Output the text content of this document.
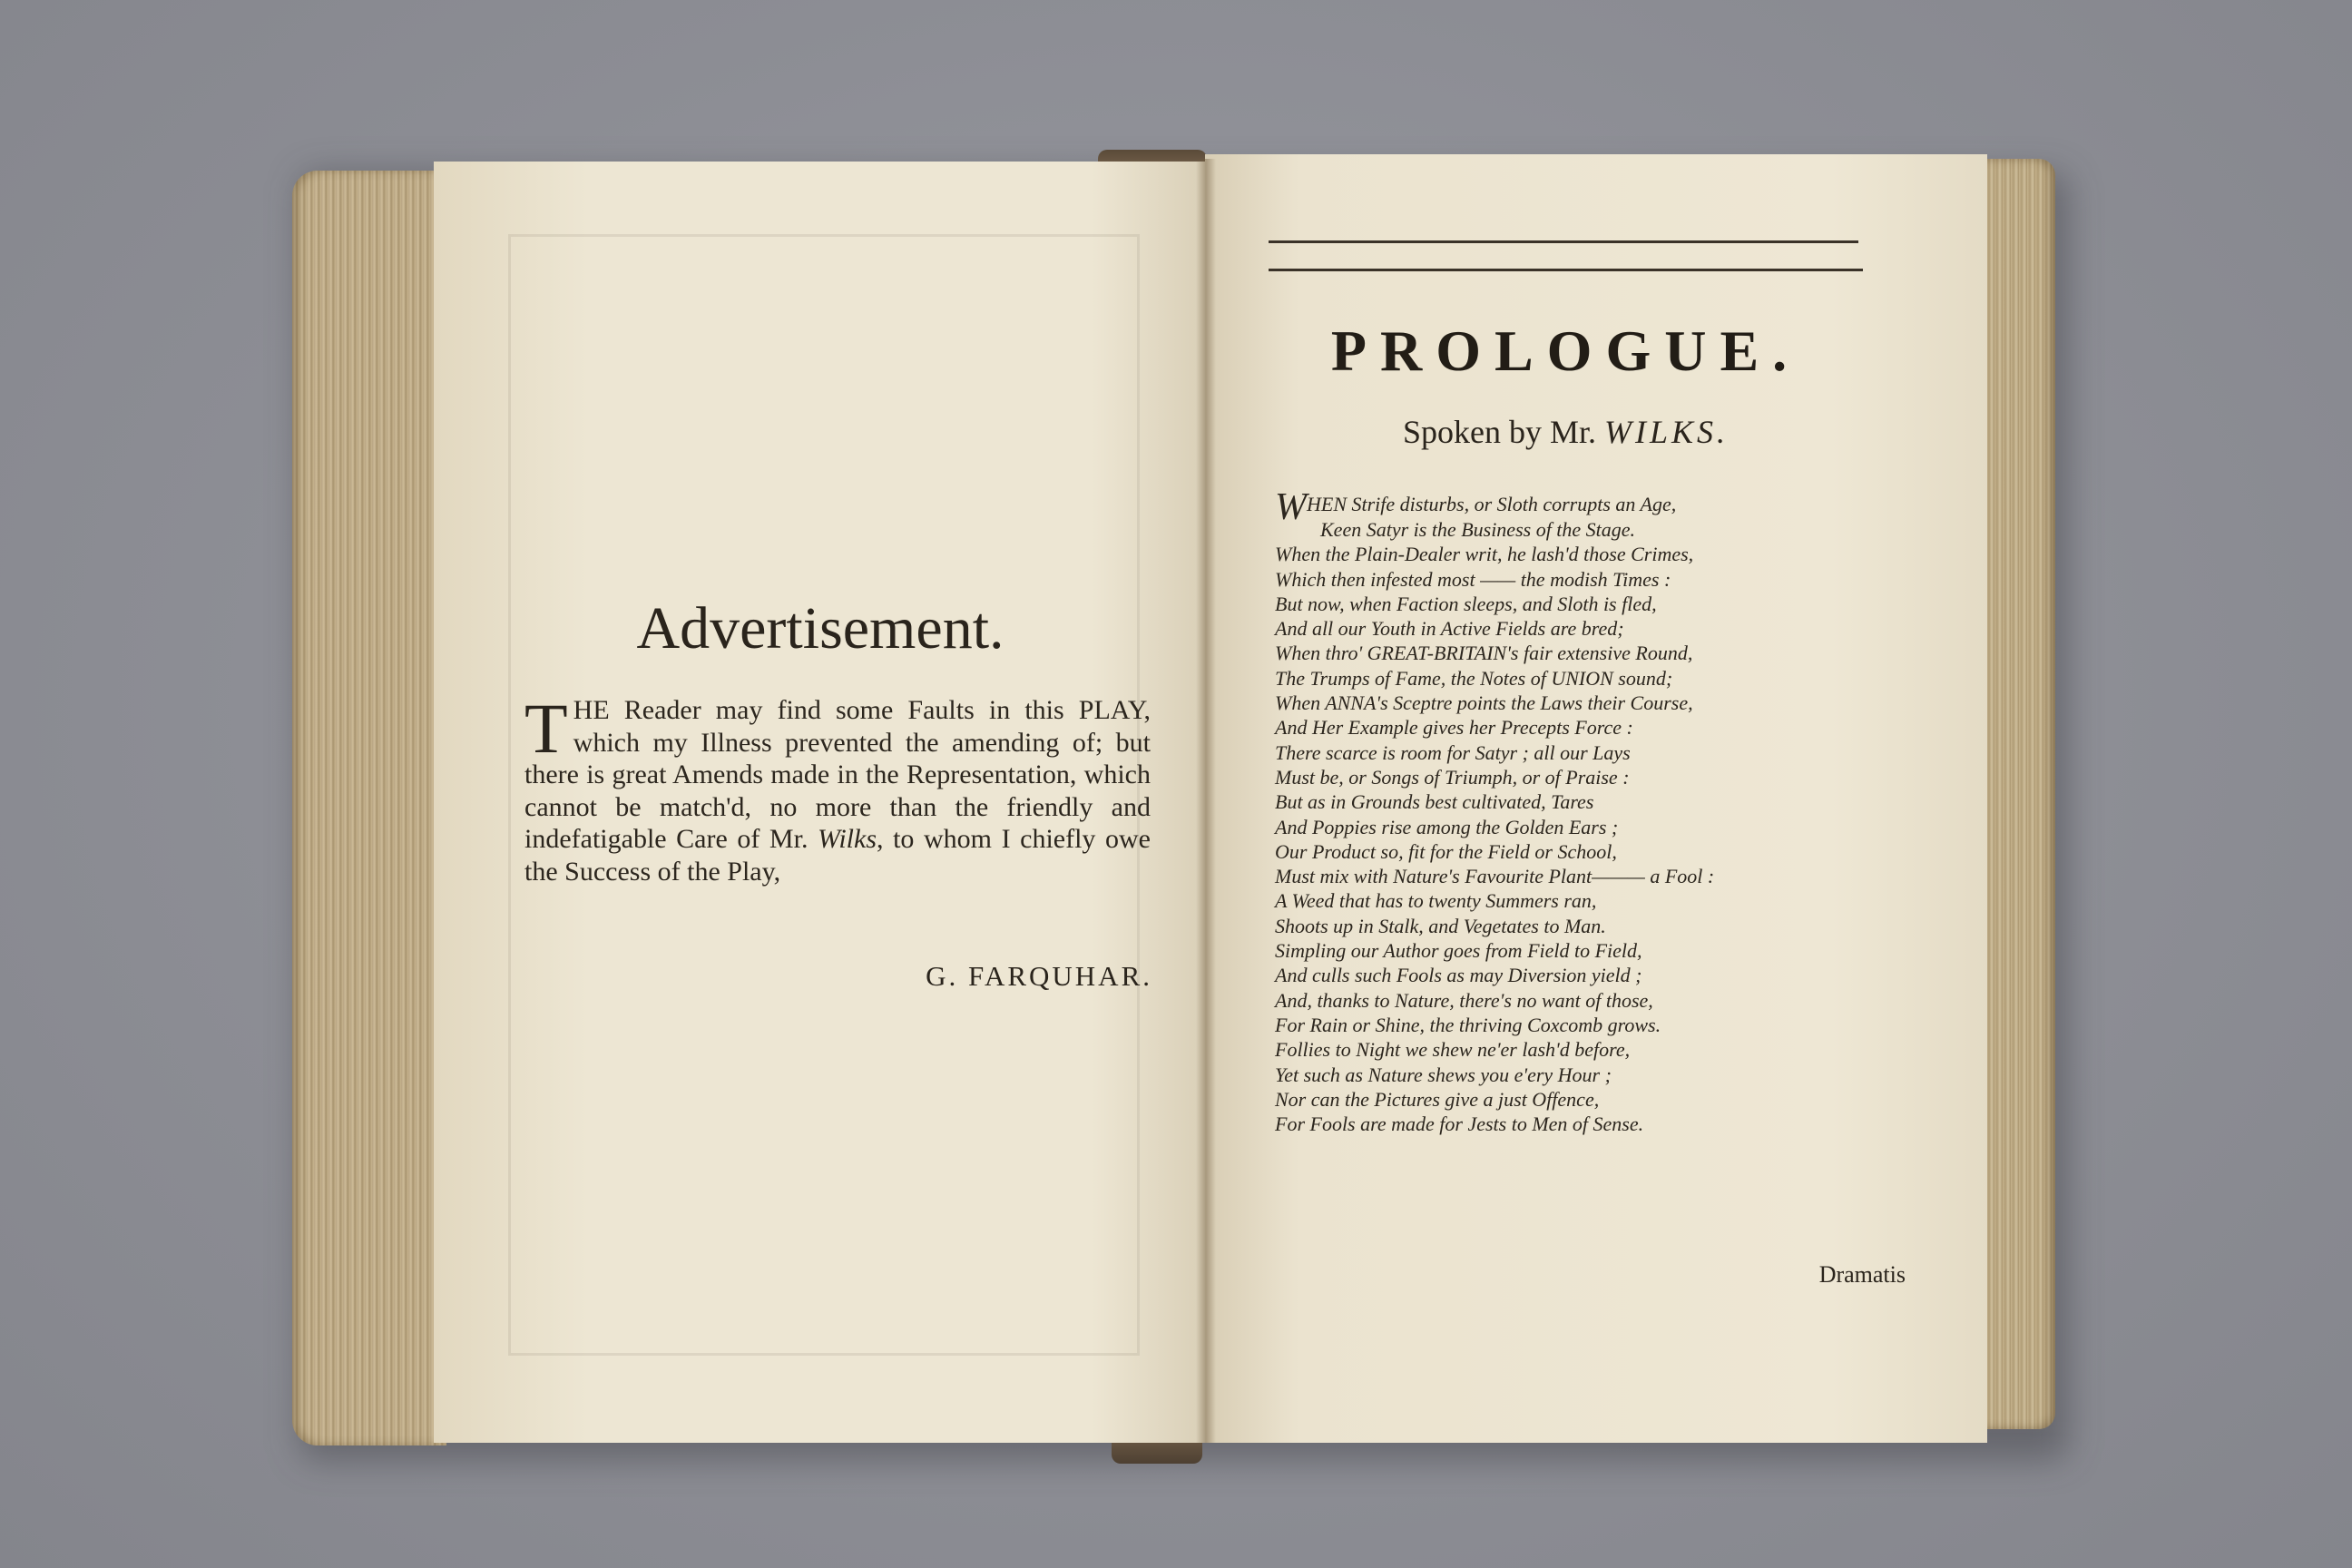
Advertisement.
THE Reader may find some Faults in this PLAY, which my Illness prevented the amending of; but there is great Amends made in the Representation, which cannot be match'd, no more than the friendly and indefatigable Care of Mr. Wilks, to whom I chiefly owe the Success of the Play,
G. FARQUHAR.
PROLOGUE.
Spoken by Mr. WILKS.
WHEN Strife disturbs, or Sloth corrupts an Age,
Keen Satyr is the Business of the Stage.
When the Plain-Dealer writ, he lash'd those Crimes,
Which then infested most —— the modish Times :
But now, when Faction sleeps, and Sloth is fled,
And all our Youth in Active Fields are bred;
When thro' GREAT-BRITAIN's fair extensive Round,
The Trumps of Fame, the Notes of UNION sound;
When ANNA's Sceptre points the Laws their Course,
And Her Example gives her Precepts Force :
There scarce is room for Satyr ; all our Lays
Must be, or Songs of Triumph, or of Praise :
But as in Grounds best cultivated, Tares
And Poppies rise among the Golden Ears ;
Our Product so, fit for the Field or School,
Must mix with Nature's Favourite Plant——— a Fool :
A Weed that has to twenty Summers ran,
Shoots up in Stalk, and Vegetates to Man.
Simpling our Author goes from Field to Field,
And culls such Fools as may Diversion yield ;
And, thanks to Nature, there's no want of those,
For Rain or Shine, the thriving Coxcomb grows.
Follies to Night we shew ne'er lash'd before,
Yet such as Nature shews you e'ery Hour ;
Nor can the Pictures give a just Offence,
For Fools are made for Jests to Men of Sense.
Dramatis
